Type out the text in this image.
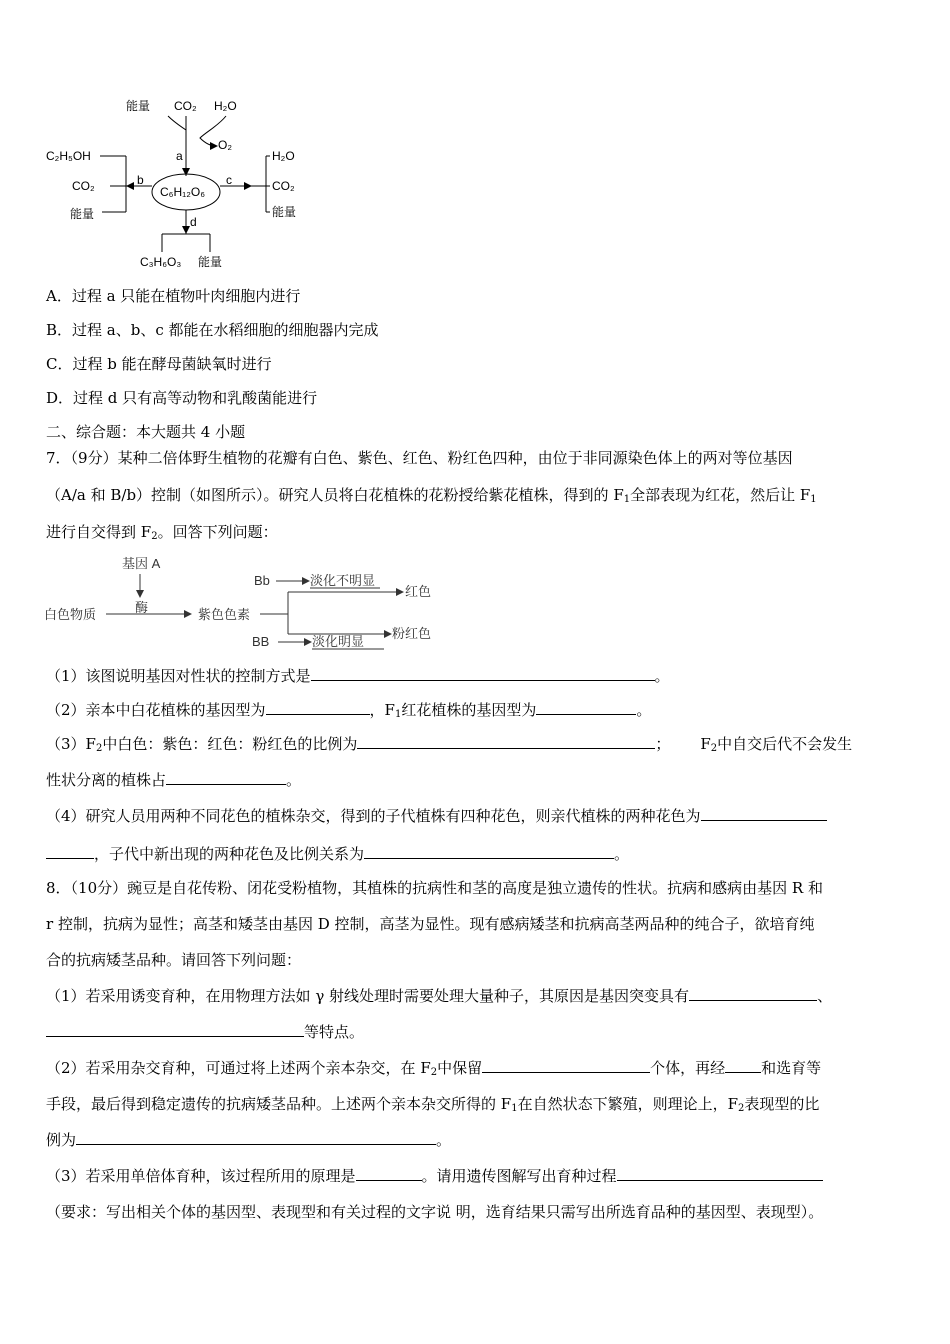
能量 CO₂ H₂O
O₂
a
b	c
d
C₆H₁₂O₆
C₂H₅OH
CO₂
能量
H₂O
CO₂
能量
C₃H₆O₃ 能量
A．过程 a 只能在植物叶肉细胞内进行
B．过程 a、b、c 都能在水稻细胞的细胞器内完成
C．过程 b 能在酵母菌缺氧时进行
D．过程 d 只有高等动物和乳酸菌能进行
二、综合题：本大题共 4 小题
7．（9分）某种二倍体野生植物的花瓣有白色、紫色、红色、粉红色四种，由位于非同源染色体上的两对等位基因
（A/a 和 B/b）控制（如图所示）。研究人员将白花植株的花粉授给紫花植株，得到的 $F_1$全部表现为红花，然后让 $F_1$
进行自交得到 $F_2$。回答下列问题：
基因 A
酶
白色物质	紫色色素
Bb	淡化不明显
红色
BB	淡化明显
粉红色
（1）该图说明基因对性状的控制方式是	。
（2）亲本中白花植株的基因型为	，$F_1$红花植株的基因型为	。
$(3)F_2$中白色：紫色：红色：粉红色的比例为	； $F_2$中自交后代不会发生
性状分离的植株占	。
（4）研究人员用两种不同花色的植株杂交，得到的子代植株有四种花色，则亲代植株的两种花色为
，子代中新出现的两种花色及比例关系为	。
8．（10分）豌豆是自花传粉、闭花受粉植物，其植株的抗病性和茎的高度是独立遗传的性状。抗病和感病由基因 R 和
r 控制，抗病为显性；高茎和矮茎由基因 D 控制，高茎为显性。现有感病矮茎和抗病高茎两品种的纯合子，欲培育纯
合的抗病矮茎品种。请回答下列问题：
（1）若采用诱变育种，在用物理方法如 γ 射线处理时需要处理大量种子，其原因是基因突变具有	、
等特点。
（2）若采用杂交育种，可通过将上述两个亲本杂交，在 $F_2$中保留	个体，再经 和选育等
手段，最后得到稳定遗传的抗病矮茎品种。上述两个亲本杂交所得的 $F_1$在自然状态下繁殖，则理论上，$F_2$表现型的比
例为	。
（3）若采用单倍体育种，该过程所用的原理是	。请用遗传图解写出育种过程
（要求：写出相关个体的基因型、表现型和有关过程的文字说 明，选育结果只需写出所选育品种的基因型、表现型）。
